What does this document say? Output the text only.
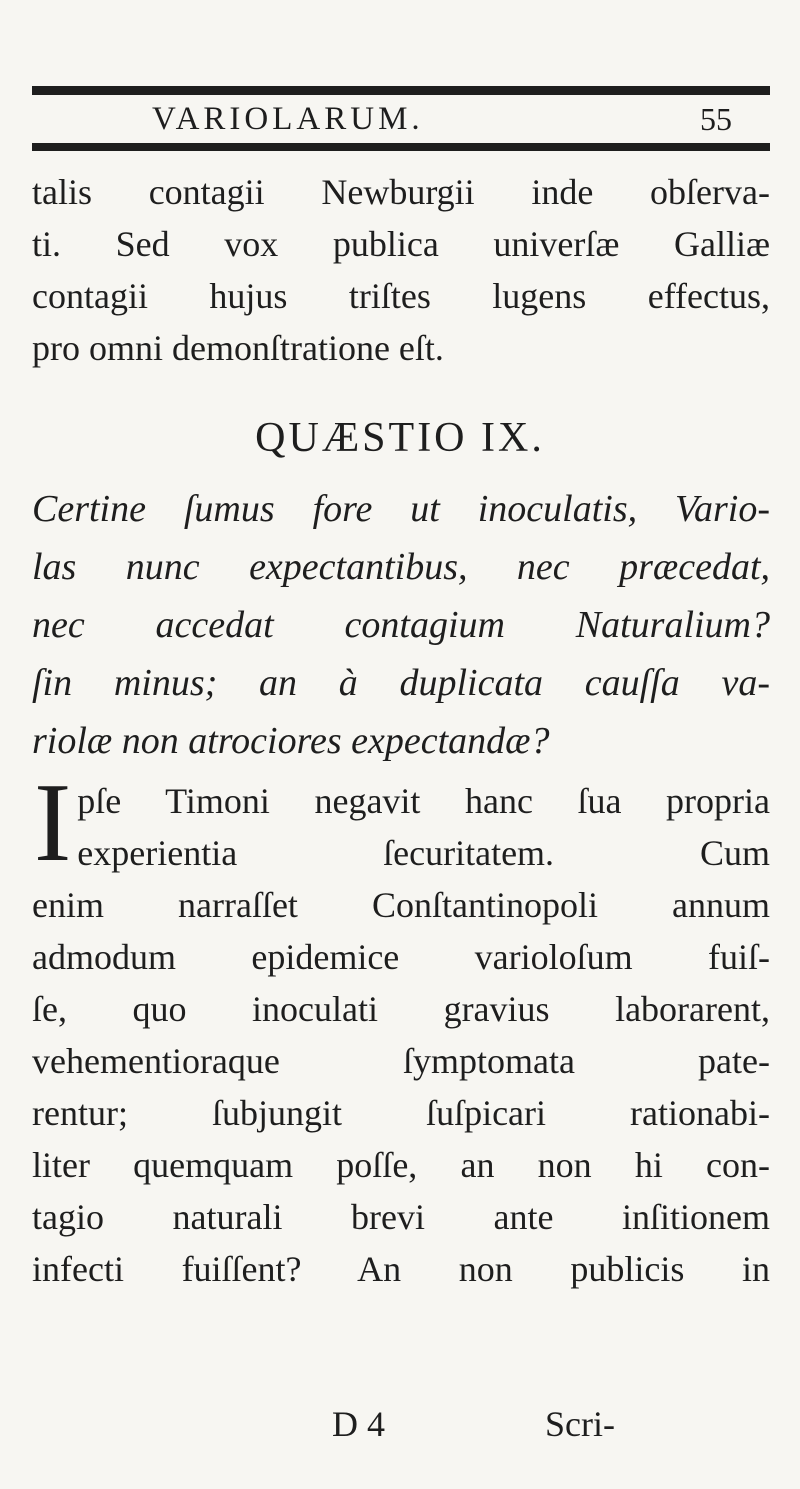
VARIOLARUM.	55
talis contagii Newburgii inde obſerva-
ti. Sed vox publica univerſæ Galliæ
contagii hujus triſtes lugens effectus,
pro omni demonſtratione eſt.
QUÆSTIO IX.
Certine ſumus fore ut inoculatis, Vario-
las nunc expectantibus, nec præcedat,
nec accedat contagium Naturalium?
ſin minus; an à duplicata cauſſa va-
riolæ non atrociores expectandæ?
I pſe Timoni negavit hanc ſua propria
experientia ſecuritatem. Cum
enim narraſſet Conſtantinopoli annum
admodum epidemice varioloſum fuiſ-
ſe, quo inoculati gravius laborarent,
vehementioraque ſymptomata pate-
rentur; ſubjungit ſuſpicari rationabi-
liter quemquam poſſe, an non hi con-
tagio naturali brevi ante inſitionem
infecti fuiſſent? An non publicis in
D 4	Scri-
